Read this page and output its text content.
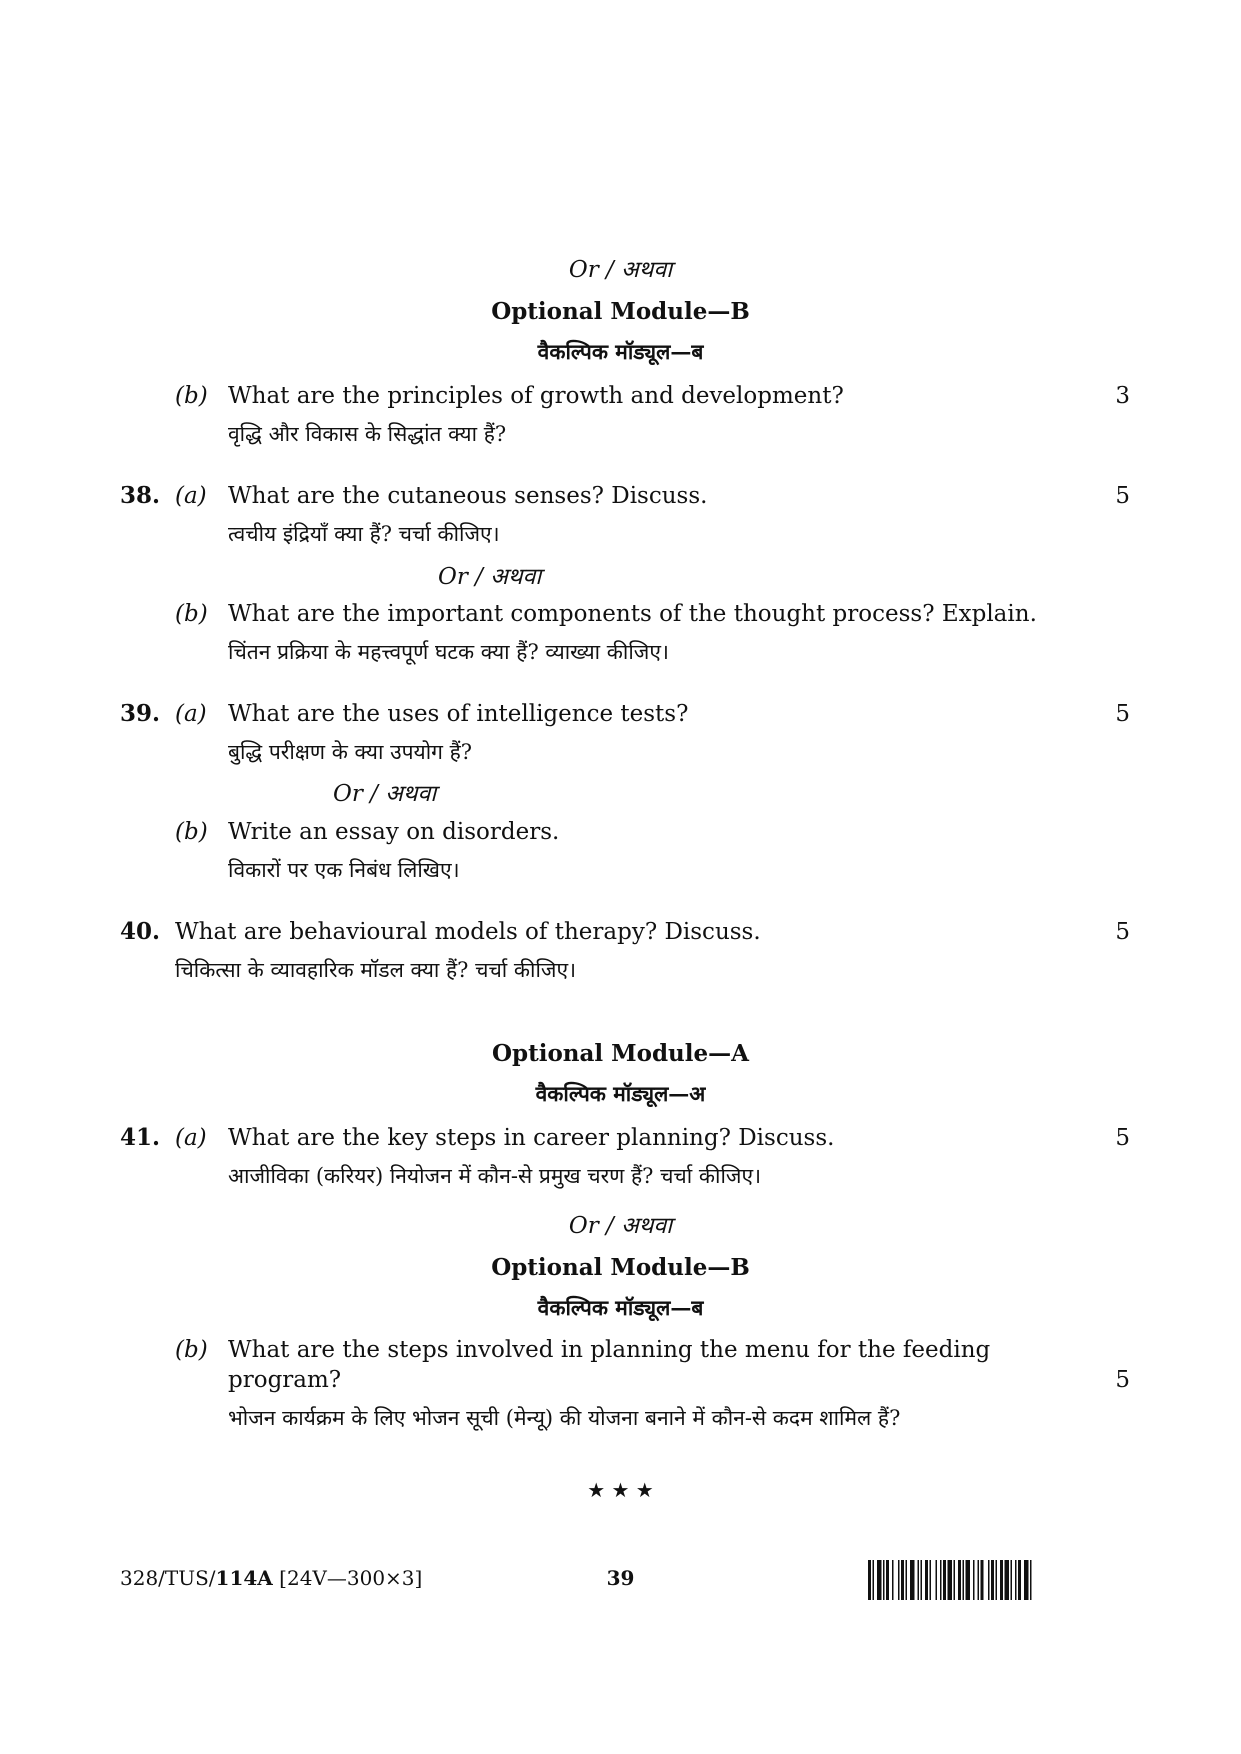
Or / अथवा
Optional Module—B
वैकल्पिक मॉड्यूल—ब
(b) What are the principles of growth and development?	3
वृद्धि और विकास के सिद्धांत क्या हैं?
38. (a) What are the cutaneous senses? Discuss.	5
त्वचीय इंद्रियाँ क्या हैं? चर्चा कीजिए।
Or / अथवा
(b) What are the important components of the thought process? Explain.
चिंतन प्रक्रिया के महत्त्वपूर्ण घटक क्या हैं? व्याख्या कीजिए।
39. (a) What are the uses of intelligence tests?	5
बुद्धि परीक्षण के क्या उपयोग हैं?
Or / अथवा
(b) Write an essay on disorders.
विकारों पर एक निबंध लिखिए।
40. What are behavioural models of therapy? Discuss.	5
चिकित्सा के व्यावहारिक मॉडल क्या हैं? चर्चा कीजिए।
Optional Module—A
वैकल्पिक मॉड्यूल—अ
41. (a) What are the key steps in career planning? Discuss.	5
आजीविका (करियर) नियोजन में कौन-से प्रमुख चरण हैं? चर्चा कीजिए।
Or / अथवा
Optional Module—B
वैकल्पिक मॉड्यूल—ब
(b) What are the steps involved in planning the menu for the feeding
program?	5
भोजन कार्यक्रम के लिए भोजन सूची (मेन्यू) की योजना बनाने में कौन-से कदम शामिल हैं?
★ ★ ★
328/TUS/114A [24V—300×3]	39
